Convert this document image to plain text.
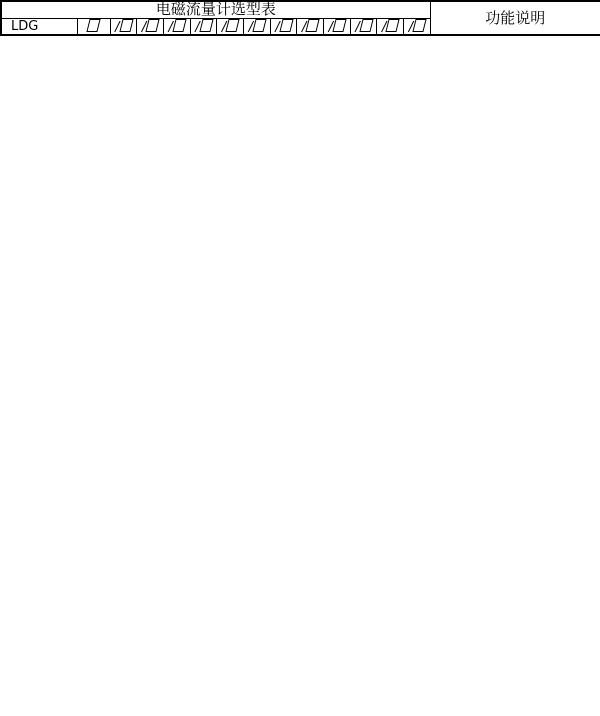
电磁流量计选型表														功能说明
LDG		/	/	/	/	/	/	/	/	/	/	/	/	
